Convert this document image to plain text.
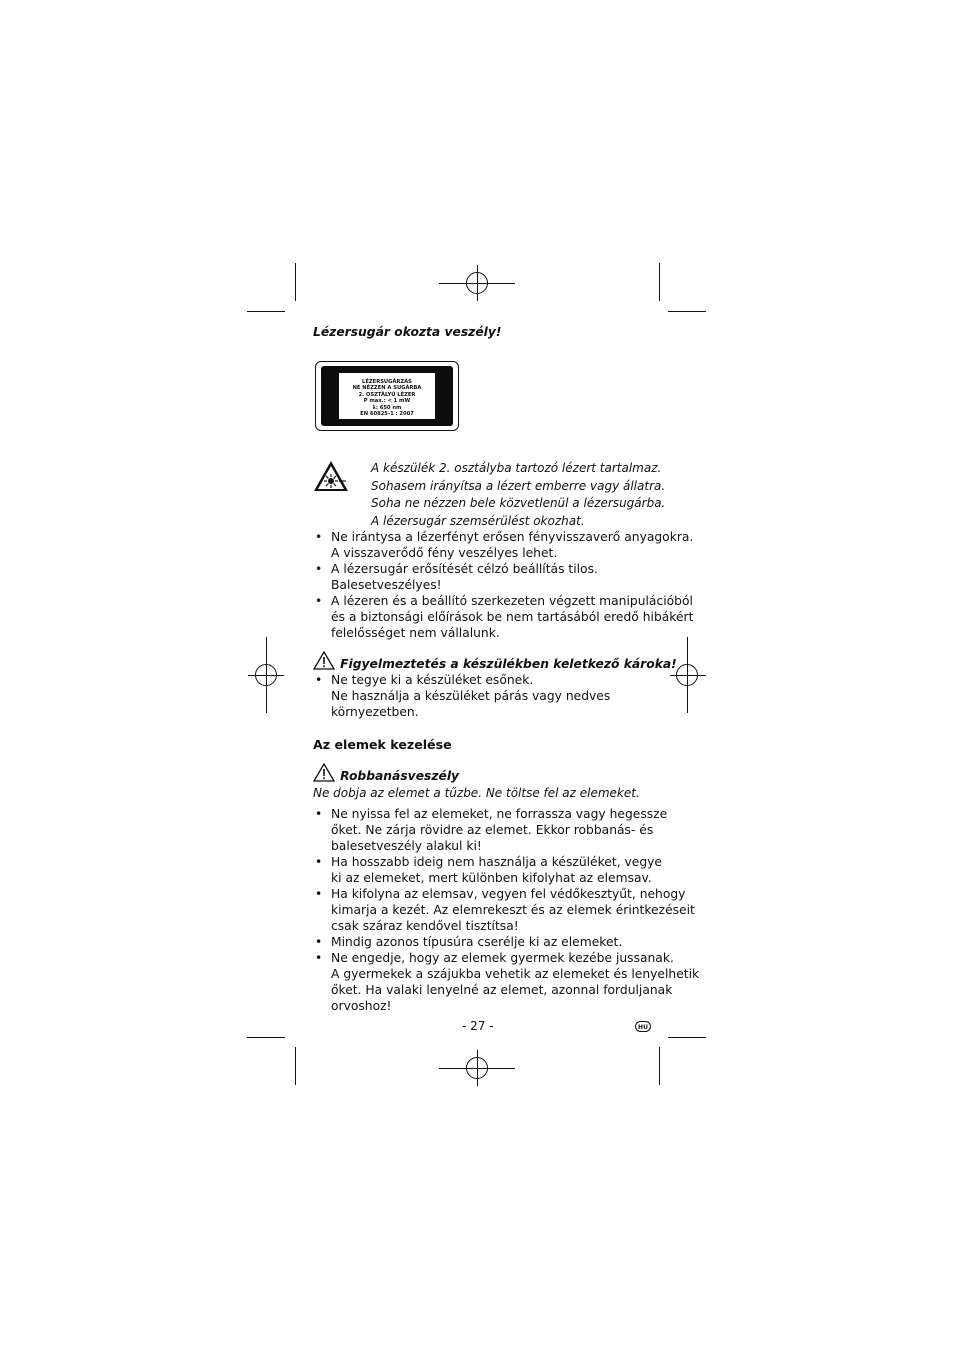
Lézersugár okozta veszély!

LÉZERSUGÁRZÁS
NE NÉZZEN A SUGÁRBA
2. OSZTÁLYÚ LÉZER
P max.: < 1 mW
λ: 650 nm
EN 60825-1 : 2007
A készülék 2. osztályba tartozó lézert tartalmaz.
Sohasem irányítsa a lézert emberre vagy állatra.
Soha ne nézzen bele közvetlenül a lézersugárba.
A lézersugár szemsérülést okozhat.
• Ne irántysa a lézerfényt erősen fényvisszaverő anyagokra.
A visszaverődő fény veszélyes lehet.
• A lézersugár erősítését célzó beállítás tilos.
Balesetveszélyes!
• A lézeren és a beállító szerkezeten végzett manipulációból
és a biztonsági előírások be nem tartásából eredő hibákért
felelősséget nem vállalunk.
Figyelmeztetés a készülékben keletkező károka!
• Ne tegye ki a készüléket esőnek.
Ne használja a készüléket párás vagy nedves
környezetben.

Az elemek kezelése

Robbanásveszély
Ne dobja az elemet a tűzbe. Ne töltse fel az elemeket.
• Ne nyissa fel az elemeket, ne forrassza vagy hegessze
őket. Ne zárja rövidre az elemet. Ekkor robbanás- és
balesetveszély alakul ki!
• Ha hosszabb ideig nem használja a készüléket, vegye
ki az elemeket, mert különben kifolyhat az elemsav.
• Ha kifolyna az elemsav, vegyen fel védőkesztyűt, nehogy
kimarja a kezét. Az elemrekeszt és az elemek érintkezéseit
csak száraz kendővel tisztítsa!
• Mindig azonos típusúra cserélje ki az elemeket.
• Ne engedje, hogy az elemek gyermek kezébe jussanak.
A gyermekek a szájukba vehetik az elemeket és lenyelhetik
őket. Ha valaki lenyelné az elemet, azonnal forduljanak
orvoshoz!
- 27 -	HU
